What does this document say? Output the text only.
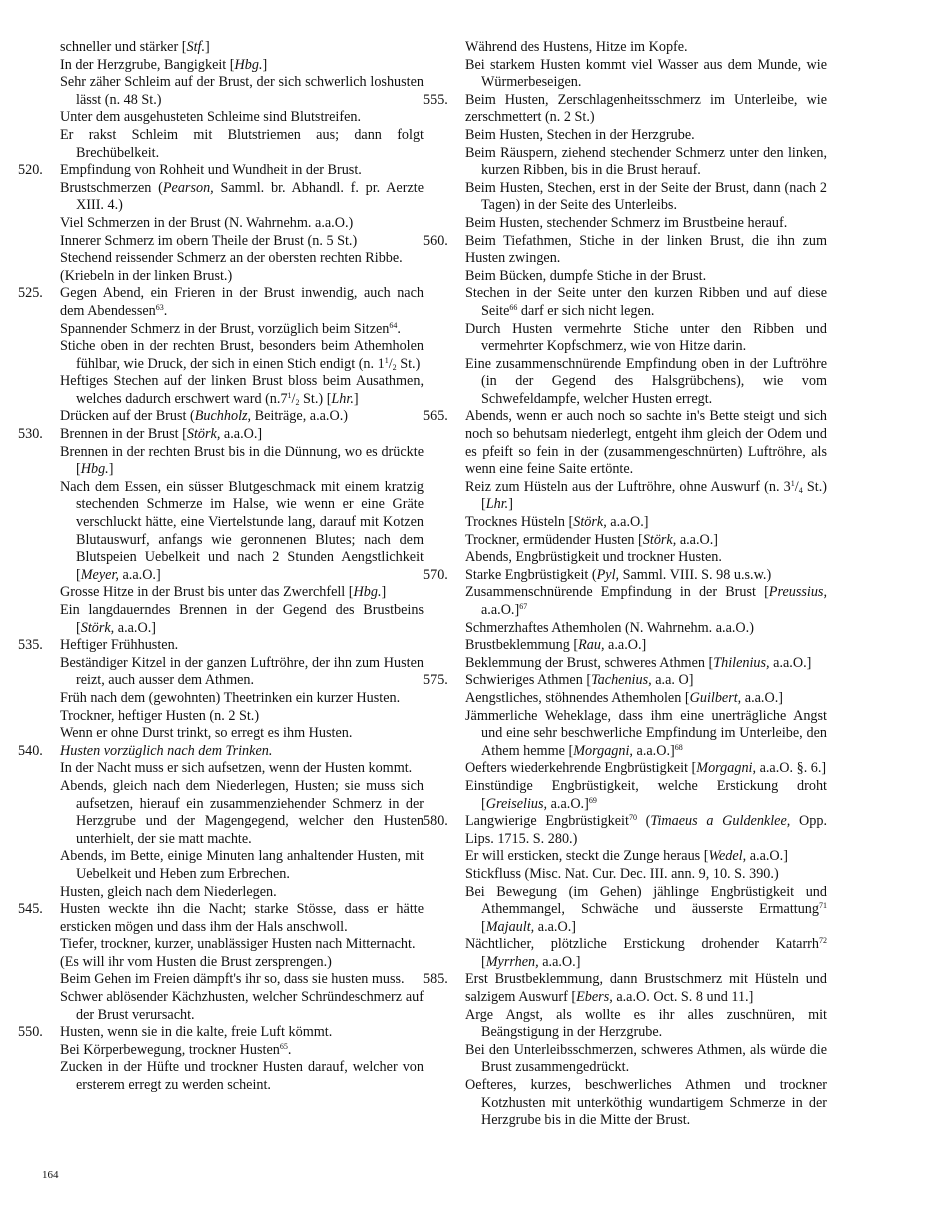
schneller und stärker [Stf.]
In der Herzgrube, Bangigkeit [Hbg.]
Sehr zäher Schleim auf der Brust, der sich schwerlich loshusten lässt (n. 48 St.)
Unter dem ausgehusteten Schleime sind Blutstreifen.
Er rakst Schleim mit Blutstriemen aus; dann folgt Brechübelkeit.
520. Empfindung von Rohheit und Wundheit in der Brust.
Brustschmerzen (Pearson, Samml. br. Abhandl. f. pr. Aerzte XIII. 4.)
Viel Schmerzen in der Brust (N. Wahrnehm. a.a.O.)
Innerer Schmerz im obern Theile der Brust (n. 5 St.)
Stechend reissender Schmerz an der obersten rechten Ribbe.
(Kriebeln in der linken Brust.)
525. Gegen Abend, ein Frieren in der Brust inwendig, auch nach dem Abendessen$^{63}$.
Spannender Schmerz in der Brust, vorzüglich beim Sitzen$^{64}$.
Stiche oben in der rechten Brust, besonders beim Athemholen fühlbar, wie Druck, der sich in einen Stich endigt (n. $1^1/_2$ St.)
Heftiges Stechen auf der linken Brust bloss beim Ausathmen, welches dadurch erschwert ward ($n.7^1/_2$ St.) [Lhr.]
Drücken auf der Brust (Buchholz, Beiträge, a.a.O.)
530. Brennen in der Brust [Störk, a.a.O.]
Brennen in der rechten Brust bis in die Dünnung, wo es drückte [Hbg.]
Nach dem Essen, ein süsser Blutgeschmack mit einem kratzig stechenden Schmerze im Halse, wie wenn er eine Gräte verschluckt hätte, eine Viertelstunde lang, darauf mit Kotzen Blutauswurf, anfangs wie geronnenen Blutes; nach dem Blutspeien Uebelkeit und nach 2 Stunden Aengstlichkeit [Meyer, a.a.O.]
Grosse Hitze in der Brust bis unter das Zwerchfell [Hbg.]
Ein langdauerndes Brennen in der Gegend des Brustbeins [Störk, a.a.O.]
535. Heftiger Frühhusten.
Beständiger Kitzel in der ganzen Luftröhre, der ihn zum Husten reizt, auch ausser dem Athmen.
Früh nach dem (gewohnten) Theetrinken ein kurzer Husten.
Trockner, heftiger Husten (n. 2 St.)
Wenn er ohne Durst trinkt, so erregt es ihm Husten.
540. Husten vorzüglich nach dem Trinken.
In der Nacht muss er sich aufsetzen, wenn der Husten kommt.
Abends, gleich nach dem Niederlegen, Husten; sie muss sich aufsetzen, hierauf ein zusammenziehender Schmerz in der Herzgrube und der Magengegend, welcher den Husten unterhielt, der sie matt machte.
Abends, im Bette, einige Minuten lang anhaltender Husten, mit Uebelkeit und Heben zum Erbrechen.
Husten, gleich nach dem Niederlegen.
545. Husten weckte ihn die Nacht; starke Stösse, dass er hätte ersticken mögen und dass ihm der Hals anschwoll.
Tiefer, trockner, kurzer, unablässiger Husten nach Mitternacht.
(Es will ihr vom Husten die Brust zersprengen.)
Beim Gehen im Freien dämpft's ihr so, dass sie husten muss.
Schwer ablösender Kächzhusten, welcher Schründeschmerz auf der Brust verursacht.
550. Husten, wenn sie in die kalte, freie Luft kömmt.
Bei Körperbewegung, trockner Husten$^{65}$.
Zucken in der Hüfte und trockner Husten darauf, welcher von ersterem erregt zu werden scheint.
Während des Hustens, Hitze im Kopfe.
Bei starkem Husten kommt viel Wasser aus dem Munde, wie Würmerbeseigen.
555. Beim Husten, Zerschlagenheitsschmerz im Unterleibe, wie zerschmettert (n. 2 St.)
Beim Husten, Stechen in der Herzgrube.
Beim Räuspern, ziehend stechender Schmerz unter den linken, kurzen Ribben, bis in die Brust herauf.
Beim Husten, Stechen, erst in der Seite der Brust, dann (nach 2 Tagen) in der Seite des Unterleibs.
Beim Husten, stechender Schmerz im Brustbeine herauf.
560. Beim Tiefathmen, Stiche in der linken Brust, die ihn zum Husten zwingen.
Beim Bücken, dumpfe Stiche in der Brust.
Stechen in der Seite unter den kurzen Ribben und auf diese Seite$^{66}$ darf er sich nicht legen.
Durch Husten vermehrte Stiche unter den Ribben und vermehrter Kopfschmerz, wie von Hitze darin.
Eine zusammenschnürende Empfindung oben in der Luftröhre (in der Gegend des Halsgrübchens), wie vom Schwefeldampfe, welcher Husten erregt.
565. Abends, wenn er auch noch so sachte in's Bette steigt und sich noch so behutsam niederlegt, entgeht ihm gleich der Odem und es pfeift so fein in der (zusammengeschnürten) Luftröhre, als wenn eine feine Saite ertönte.
Reiz zum Hüsteln aus der Luftröhre, ohne Auswurf (n. $3^1/_4$ St.) [Lhr.]
Trocknes Hüsteln [Störk, a.a.O.]
Trockner, ermüdender Husten [Störk, a.a.O.]
Abends, Engbrüstigkeit und trockner Husten.
570. Starke Engbrüstigkeit (Pyl, Samml. VIII. S. 98 u.s.w.)
Zusammenschnürende Empfindung in der Brust [Preussius, a.a.O.]$^{67}$
Schmerzhaftes Athemholen (N. Wahrnehm. a.a.O.)
Brustbeklemmung [Rau, a.a.O.]
Beklemmung der Brust, schweres Athmen [Thilenius, a.a.O.]
575. Schwieriges Athmen [Tachenius, a.a. O]
Aengstliches, stöhnendes Athemholen [Guilbert, a.a.O.]
Jämmerliche Weheklage, dass ihm eine unerträgliche Angst und eine sehr beschwerliche Empfindung im Unterleibe, den Athem hemme [Morgagni, a.a.O.]$^{68}$
Oefters wiederkehrende Engbrüstigkeit [Morgagni, a.a.O. §. 6.]
Einstündige Engbrüstigkeit, welche Erstickung droht [Greiselius, a.a.O.]$^{69}$
580. Langwierige Engbrüstigkeit$^{70}$ (Timaeus a Guldenklee, Opp. Lips. 1715. S. 280.)
Er will ersticken, steckt die Zunge heraus [Wedel, a.a.O.]
Stickfluss (Misc. Nat. Cur. Dec. III. ann. 9, 10. S. 390.)
Bei Bewegung (im Gehen) jählinge Engbrüstigkeit und Athemmangel, Schwäche und äusserste Ermattung$^{71}$ [Majault, a.a.O.]
Nächtlicher, plötzliche Erstickung drohender Katarrh$^{72}$ [Myrrhen, a.a.O.]
585. Erst Brustbeklemmung, dann Brustschmerz mit Hüsteln und salzigem Auswurf [Ebers, a.a.O. Oct. S. 8 und 11.]
Arge Angst, als wollte es ihr alles zuschnüren, mit Beängstigung in der Herzgrube.
Bei den Unterleibsschmerzen, schweres Athmen, als würde die Brust zusammengedrückt.
Oefteres, kurzes, beschwerliches Athmen und trockner Kotzhusten mit unterköthig wundartigem Schmerze in der Herzgrube bis in die Mitte der Brust.
164
